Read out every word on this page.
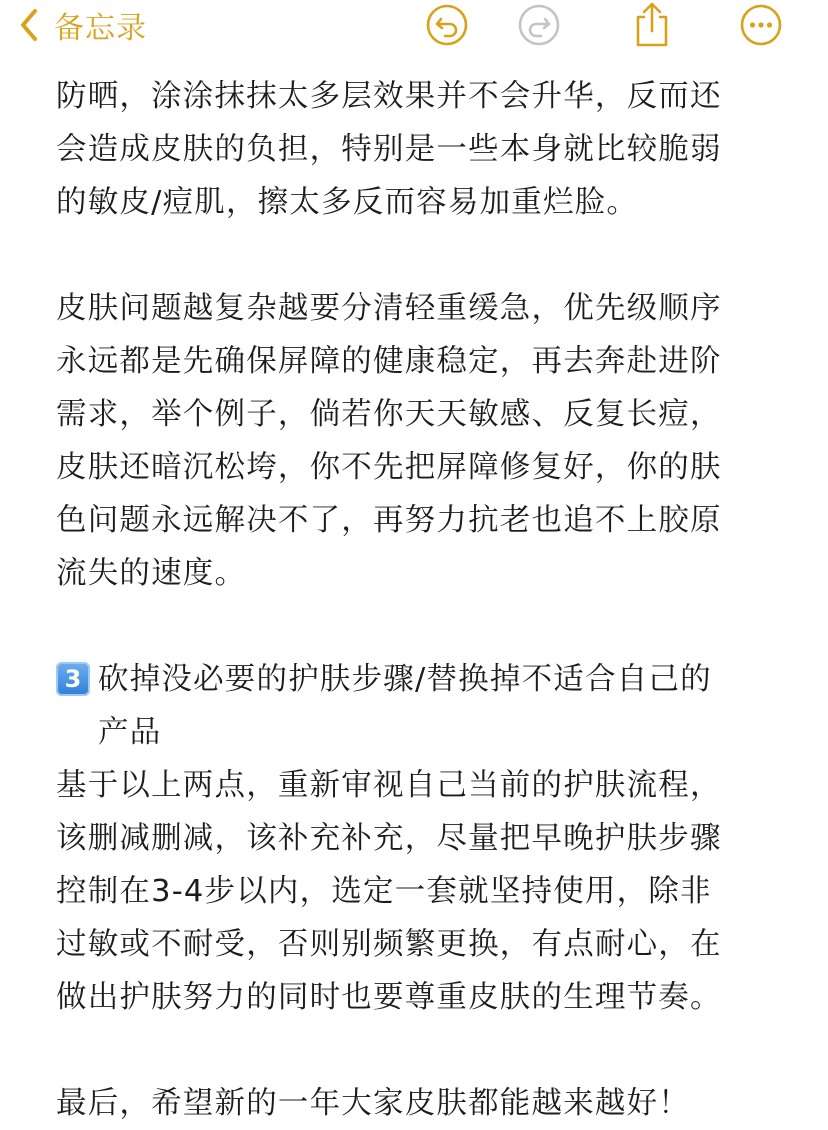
备忘录

防晒，涂涂抹抹太多层效果并不会升华，反而还
会造成皮肤的负担，特别是一些本身就比较脆弱
的敏皮/痘肌，擦太多反而容易加重烂脸。

皮肤问题越复杂越要分清轻重缓急，优先级顺序
永远都是先确保屏障的健康稳定，再去奔赴进阶
需求，举个例子，倘若你天天敏感、反复长痘，
皮肤还暗沉松垮，你不先把屏障修复好，你的肤
色问题永远解决不了，再努力抗老也追不上胶原
流失的速度。

3 砍掉没必要的护肤步骤/替换掉不适合自己的
产品

基于以上两点，重新审视自己当前的护肤流程，
该删减删减，该补充补充，尽量把早晚护肤步骤
控制在3-4步以内，选定一套就坚持使用，除非
过敏或不耐受，否则别频繁更换，有点耐心，在
做出护肤努力的同时也要尊重皮肤的生理节奏。

最后，希望新的一年大家皮肤都能越来越好！
